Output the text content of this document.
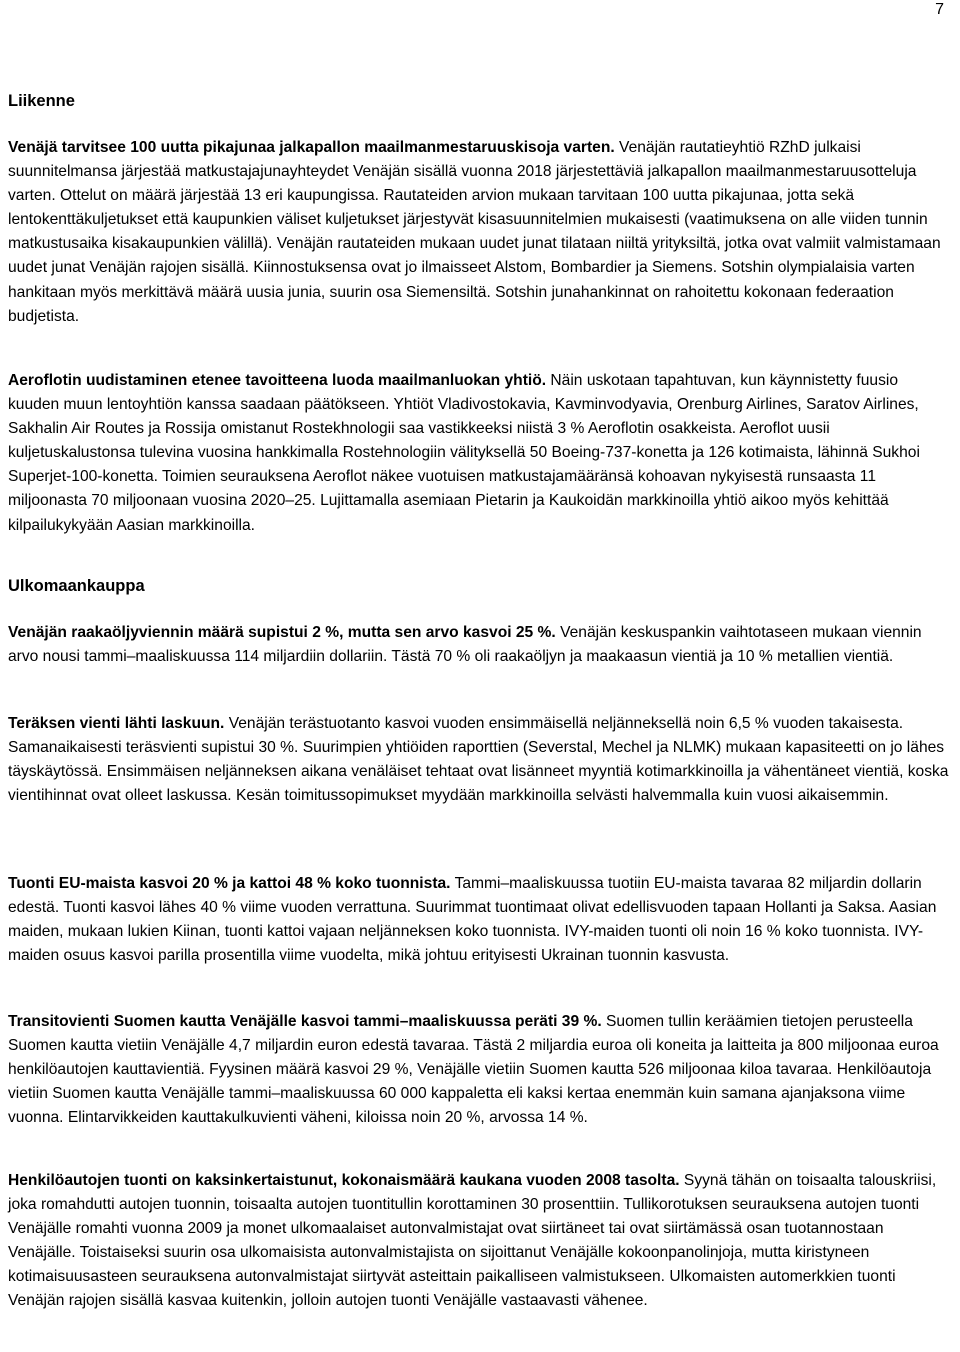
7
Liikenne

Venäjä tarvitsee 100 uutta pikajunaa jalkapallon maailmanmestaruuskisoja varten. Venäjän rautatieyhtiö RZhD julkaisi suunnitelmansa järjestää matkustajajunayhteydet Venäjän sisällä vuonna 2018 järjestettäviä jalkapallon maailmanmestaruusotteluja varten. Ottelut on määrä järjestää 13 eri kaupungissa. Rautateiden arvion mukaan tarvitaan 100 uutta pikajunaa, jotta sekä lentokenttäkuljetukset että kaupunkien väliset kuljetukset järjestyvät kisasuunnitelmien mukaisesti (vaatimuksena on alle viiden tunnin matkustusaika kisakaupunkien välillä). Venäjän rautateiden mukaan uudet junat tilataan niiltä yrityksiltä, jotka ovat valmiit valmistamaan uudet junat Venäjän rajojen sisällä. Kiinnostuksensa ovat jo ilmaisseet Alstom, Bombardier ja Siemens. Sotshin olympialaisia varten hankitaan myös merkittävä määrä uusia junia, suurin osa Siemensiltä. Sotshin junahankinnat on rahoitettu kokonaan federaation budjetista.

Aeroflotin uudistaminen etenee tavoitteena luoda maailmanluokan yhtiö. Näin uskotaan tapahtuvan, kun käynnistetty fuusio kuuden muun lentoyhtiön kanssa saadaan päätökseen. Yhtiöt Vladivostokavia, Kavminvodyavia, Orenburg Airlines, Saratov Airlines, Sakhalin Air Routes ja Rossija omistanut Rostekhnologii saa vastikkeeksi niistä 3 % Aeroflotin osakkeista. Aeroflot uusii kuljetuskalustonsa tulevina vuosina hankkimalla Rostehnologiin välityksellä 50 Boeing-737-konetta ja 126 kotimaista, lähinnä Sukhoi Superjet-100-konetta. Toimien seurauksena Aeroflot näkee vuotuisen matkustajamääränsä kohoavan nykyisestä runsaasta 11 miljoonasta 70 miljoonaan vuosina 2020–25. Lujittamalla asemiaan Pietarin ja Kaukoidän markkinoilla yhtiö aikoo myös kehittää kilpailukykyään Aasian markkinoilla.

Ulkomaankauppa

Venäjän raakaöljyviennin määrä supistui 2 %, mutta sen arvo kasvoi 25 %. Venäjän keskuspankin vaihtotaseen mukaan viennin arvo nousi tammi–maaliskuussa 114 miljardiin dollariin. Tästä 70 % oli raakaöljyn ja maakaasun vientiä ja 10 % metallien vientiä.

Teräksen vienti lähti laskuun. Venäjän terästuotanto kasvoi vuoden ensimmäisellä neljänneksellä noin 6,5 % vuoden takaisesta. Samanaikaisesti teräsvienti supistui 30 %. Suurimpien yhtiöiden raporttien (Severstal, Mechel ja NLMK) mukaan kapasiteetti on jo lähes täyskäytössä. Ensimmäisen neljänneksen aikana venäläiset tehtaat ovat lisänneet myyntiä kotimarkkinoilla ja vähentäneet vientiä, koska vientihinnat ovat olleet laskussa. Kesän toimitussopimukset myydään markkinoilla selvästi halvemmalla kuin vuosi aikaisemmin.

Tuonti EU-maista kasvoi 20 % ja kattoi 48 % koko tuonnista. Tammi–maaliskuussa tuotiin EU-maista tavaraa 82 miljardin dollarin edestä. Tuonti kasvoi lähes 40 % viime vuoden verrattuna. Suurimmat tuontimaat olivat edellisvuoden tapaan Hollanti ja Saksa. Aasian maiden, mukaan lukien Kiinan, tuonti kattoi vajaan neljänneksen koko tuonnista. IVY-maiden tuonti oli noin 16 % koko tuonnista. IVY-maiden osuus kasvoi parilla prosentilla viime vuodelta, mikä johtuu erityisesti Ukrainan tuonnin kasvusta.

Transitovienti Suomen kautta Venäjälle kasvoi tammi–maaliskuussa peräti 39 %. Suomen tullin keräämien tietojen perusteella Suomen kautta vietiin Venäjälle 4,7 miljardin euron edestä tavaraa. Tästä 2 miljardia euroa oli koneita ja laitteita ja 800 miljoonaa euroa henkilöautojen kauttavientiä. Fyysinen määrä kasvoi 29 %, Venäjälle vietiin Suomen kautta 526 miljoonaa kiloa tavaraa. Henkilöautoja vietiin Suomen kautta Venäjälle tammi–maaliskuussa 60 000 kappaletta eli kaksi kertaa enemmän kuin samana ajanjaksona viime vuonna. Elintarvikkeiden kauttakulkuvienti väheni, kiloissa noin 20 %, arvossa 14 %.

Henkilöautojen tuonti on kaksinkertaistunut, kokonaismäärä kaukana vuoden 2008 tasolta. Syynä tähän on toisaalta talouskriisi, joka romahdutti autojen tuonnin, toisaalta autojen tuontitullin korottaminen 30 prosenttiin. Tullikorotuksen seurauksena autojen tuonti Venäjälle romahti vuonna 2009 ja monet ulkomaalaiset autonvalmistajat ovat siirtäneet tai ovat siirtämässä osan tuotannostaan Venäjälle. Toistaiseksi suurin osa ulkomaisista autonvalmistajista on sijoittanut Venäjälle kokoonpanolinjoja, mutta kiristyneen kotimaisuusasteen seurauksena autonvalmistajat siirtyvät asteittain paikalliseen valmistukseen. Ulkomaisten automerkkien tuonti Venäjän rajojen sisällä kasvaa kuitenkin, jolloin autojen tuonti Venäjälle vastaavasti vähenee.
